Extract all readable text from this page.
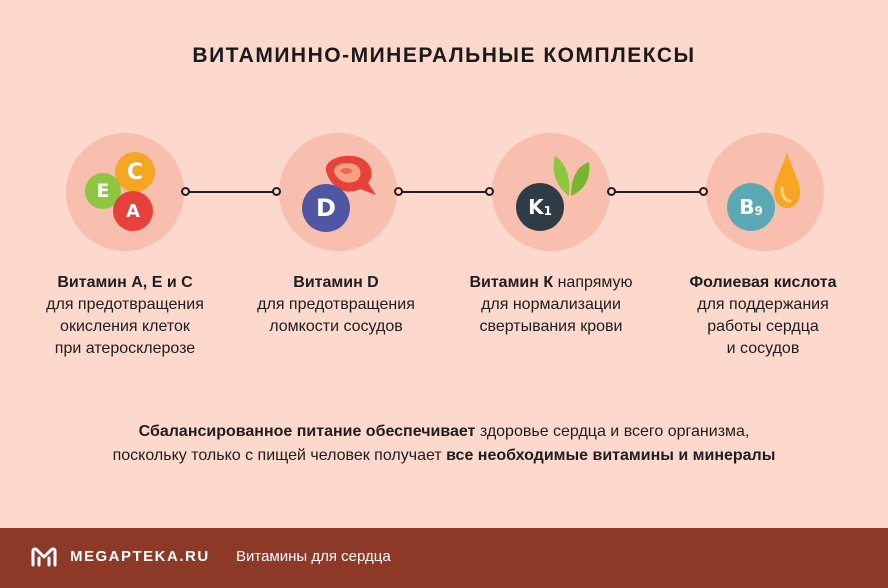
ВИТАМИННО-МИНЕРАЛЬНЫЕ КОМПЛЕКСЫ
C
E
A	D	K 1	B 9
Витамин А, Е и С
для предотвращения
окисления клеток
при атеросклерозе
Витамин D
для предотвращения
ломкости сосудов
Витамин К напрямую
для нормализации
свертывания крови
Фолиевая кислота
для поддержания
работы сердца
и сосудов
Сбалансированное питание обеспечивает здоровье сердца и всего организма,
поскольку только с пищей человек получает все необходимые витамины и минералы
MEGAPTEKA.RU Витамины для сердца
